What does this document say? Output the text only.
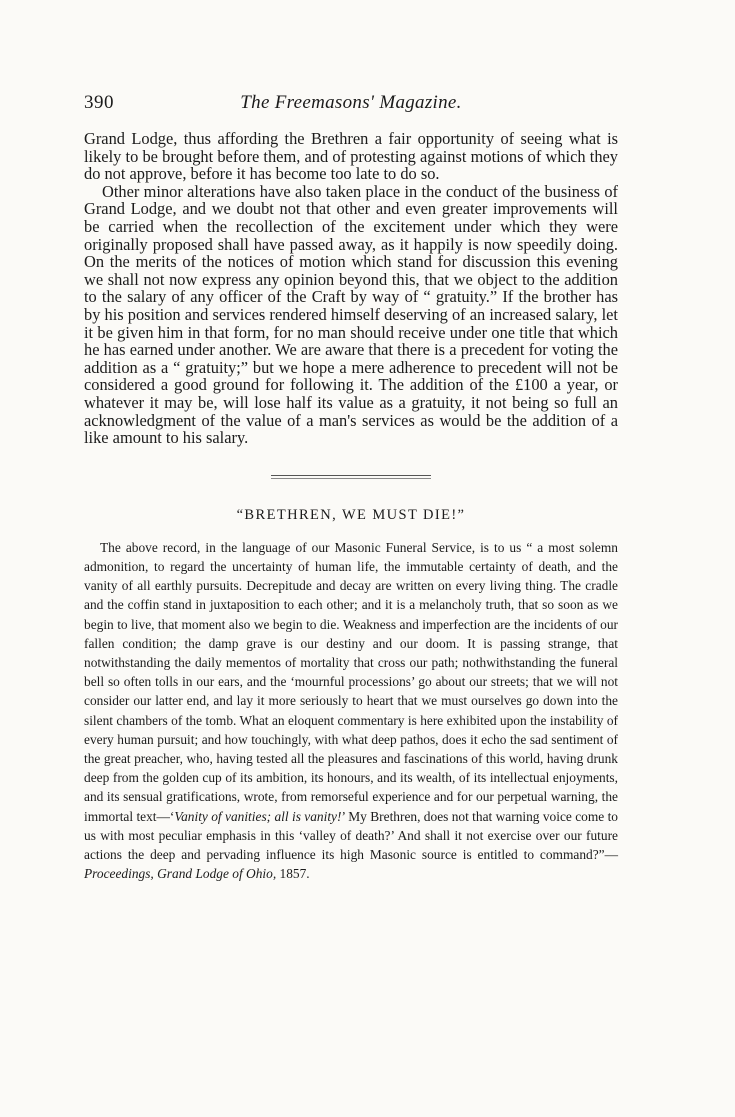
390	The Freemasons' Magazine.

Grand Lodge, thus affording the Brethren a fair opportunity of seeing what is likely to be brought before them, and of protesting against motions of which they do not approve, before it has become too late to do so.

Other minor alterations have also taken place in the conduct of the business of Grand Lodge, and we doubt not that other and even greater improvements will be carried when the recollection of the excitement under which they were originally proposed shall have passed away, as it happily is now speedily doing. On the merits of the notices of motion which stand for discussion this evening we shall not now express any opinion beyond this, that we object to the addition to the salary of any officer of the Craft by way of “ gratuity.” If the brother has by his position and services rendered himself deserving of an increased salary, let it be given him in that form, for no man should receive under one title that which he has earned under another. We are aware that there is a precedent for voting the addition as a “ gratuity;” but we hope a mere adherence to precedent will not be considered a good ground for following it. The addition of the £100 a year, or whatever it may be, will lose half its value as a gratuity, it not being so full an acknowledgment of the value of a man's services as would be the addition of a like amount to his salary.

“BRETHREN, WE MUST DIE!”

The above record, in the language of our Masonic Funeral Service, is to us “ a most solemn admonition, to regard the uncertainty of human life, the immutable certainty of death, and the vanity of all earthly pursuits. Decrepitude and decay are written on every living thing. The cradle and the coffin stand in juxtaposition to each other; and it is a melancholy truth, that so soon as we begin to live, that moment also we begin to die. Weakness and imperfection are the incidents of our fallen condition; the damp grave is our destiny and our doom. It is passing strange, that notwithstanding the daily mementos of mortality that cross our path; nothwithstanding the funeral bell so often tolls in our ears, and the ‘mournful processions’ go about our streets; that we will not consider our latter end, and lay it more seriously to heart that we must ourselves go down into the silent chambers of the tomb. What an eloquent commentary is here exhibited upon the instability of every human pursuit; and how touchingly, with what deep pathos, does it echo the sad sentiment of the great preacher, who, having tested all the pleasures and fascinations of this world, having drunk deep from the golden cup of its ambition, its honours, and its wealth, of its intellectual enjoyments, and its sensual gratifications, wrote, from remorseful experience and for our perpetual warning, the immortal text—‘Vanity of vanities; all is vanity!’ My Brethren, does not that warning voice come to us with most peculiar emphasis in this ‘valley of death?’ And shall it not exercise over our future actions the deep and pervading influence its high Masonic source is entitled to command?”—Proceedings, Grand Lodge of Ohio, 1857.
